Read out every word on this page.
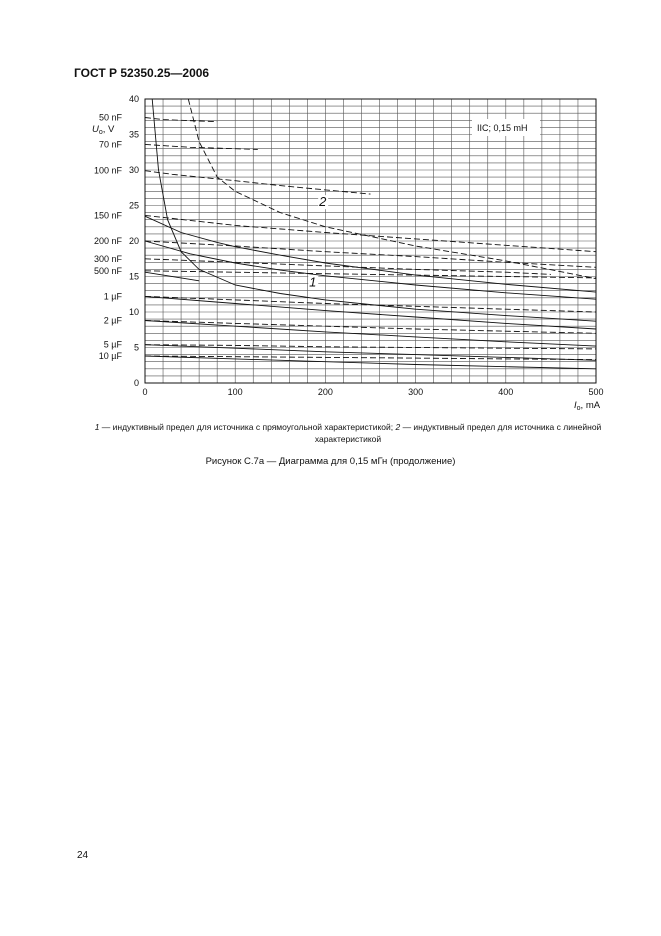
ГОСТ Р 52350.25—2006
0	100	200	300	400	500
0
5
10
15
20
25
30
35
40
50 nF
70 nF
100 nF
150 nF
200 nF
300 nF
500 nF
1 µF
2 µF
5 µF
10 µF
$U_o$, V
$I_o$, mA
IIC; 0,15 mH
2
1
1 — индуктивный предел для источника с прямоугольной характеристикой; 2 — индуктивный предел для источника с линейной характеристикой
Рисунок С.7а — Диаграмма для 0,15 мГн (продолжение)
24
